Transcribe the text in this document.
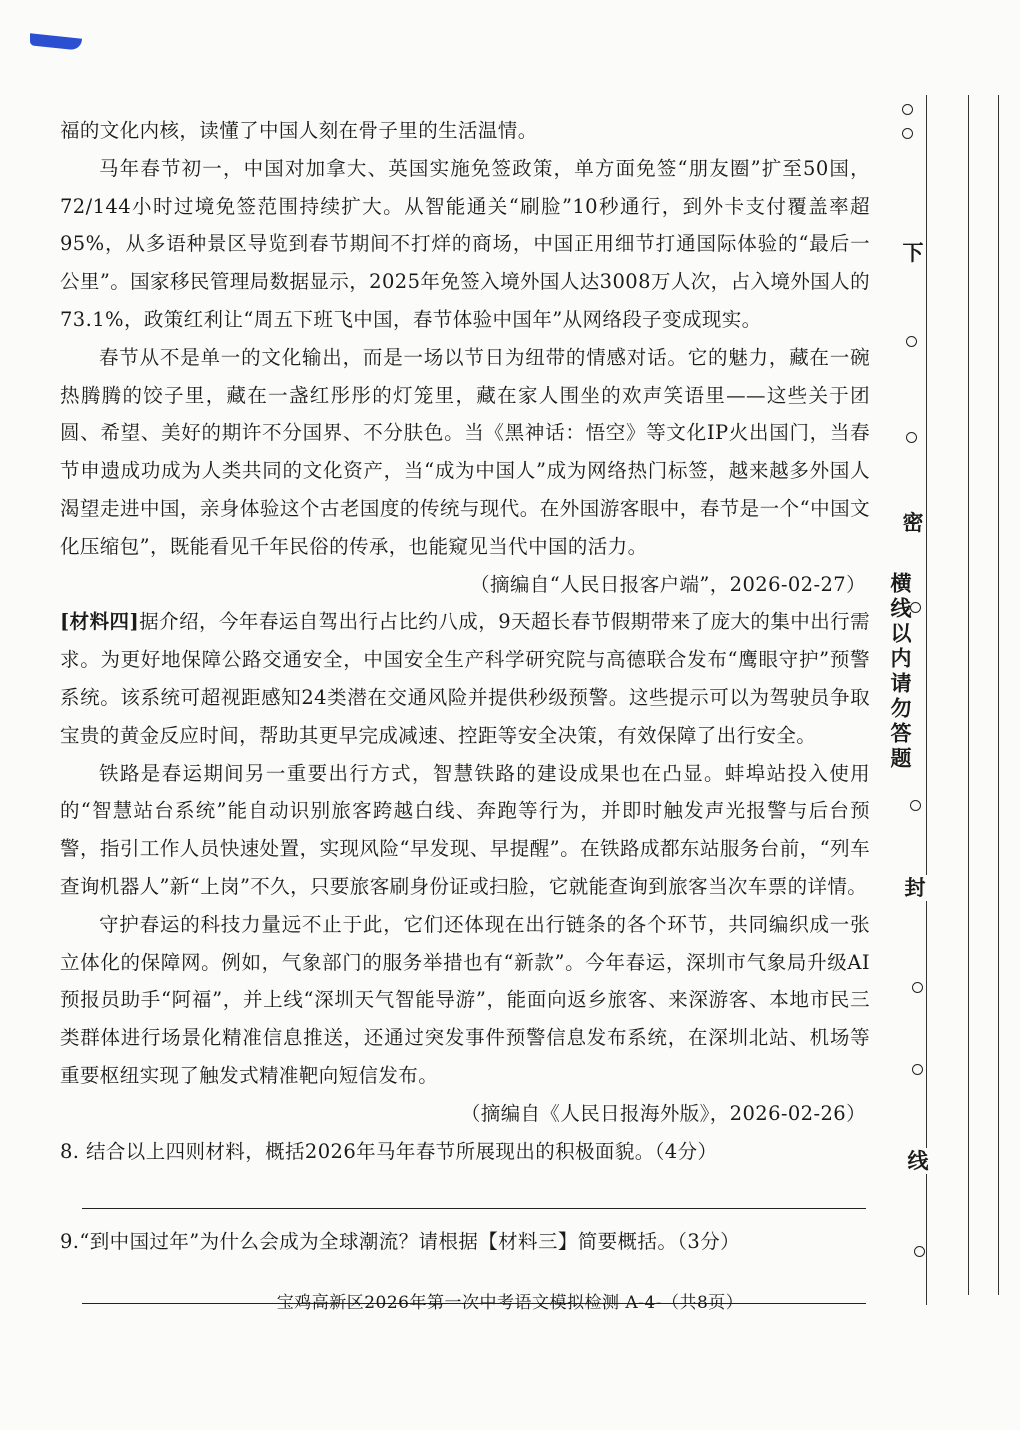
福的文化内核，读懂了中国人刻在骨子里的生活温情。

马年春节初一，中国对加拿大、英国实施免签政策，单方面免签“朋友圈”扩至50国，72/144小时过境免签范围持续扩大。从智能通关“刷脸”10秒通行，到外卡支付覆盖率超95%，从多语种景区导览到春节期间不打烊的商场，中国正用细节打通国际体验的“最后一公里”。国家移民管理局数据显示，2025年免签入境外国人达3008万人次，占入境外国人的73.1%，政策红利让“周五下班飞中国，春节体验中国年”从网络段子变成现实。

春节从不是单一的文化输出，而是一场以节日为纽带的情感对话。它的魅力，藏在一碗热腾腾的饺子里，藏在一盏红彤彤的灯笼里，藏在家人围坐的欢声笑语里——这些关于团圆、希望、美好的期许不分国界、不分肤色。当《黑神话：悟空》等文化IP火出国门，当春节申遗成功成为人类共同的文化资产，当“成为中国人”成为网络热门标签，越来越多外国人渴望走进中国，亲身体验这个古老国度的传统与现代。在外国游客眼中，春节是一个“中国文化压缩包”，既能看见千年民俗的传承，也能窥见当代中国的活力。

（摘编自“人民日报客户端”，2026-02-27）

[材料四]据介绍，今年春运自驾出行占比约八成，9天超长春节假期带来了庞大的集中出行需求。为更好地保障公路交通安全，中国安全生产科学研究院与高德联合发布“鹰眼守护”预警系统。该系统可超视距感知24类潜在交通风险并提供秒级预警。这些提示可以为驾驶员争取宝贵的黄金反应时间，帮助其更早完成减速、控距等安全决策，有效保障了出行安全。

铁路是春运期间另一重要出行方式，智慧铁路的建设成果也在凸显。蚌埠站投入使用的“智慧站台系统”能自动识别旅客跨越白线、奔跑等行为，并即时触发声光报警与后台预警，指引工作人员快速处置，实现风险“早发现、早提醒”。在铁路成都东站服务台前，“列车查询机器人”新“上岗”不久，只要旅客刷身份证或扫脸，它就能查询到旅客当次车票的详情。

守护春运的科技力量远不止于此，它们还体现在出行链条的各个环节，共同编织成一张立体化的保障网。例如，气象部门的服务举措也有“新款”。今年春运，深圳市气象局升级AI预报员助手“阿福”，并上线“深圳天气智能导游”，能面向返乡旅客、来深游客、本地市民三类群体进行场景化精准信息推送，还通过突发事件预警信息发布系统，在深圳北站、机场等重要枢纽实现了触发式精准靶向短信发布。

（摘编自《人民日报海外版》，2026-02-26）

8. 结合以上四则材料，概括2026年马年春节所展现出的积极面貌。（4分）

9.“到中国过年”为什么会成为全球潮流？请根据【材料三】简要概括。（3分）

宝鸡高新区2026年第一次中考语文模拟检测 A-4-（共8页）
下
密
横线以内请勿答题
封
线
